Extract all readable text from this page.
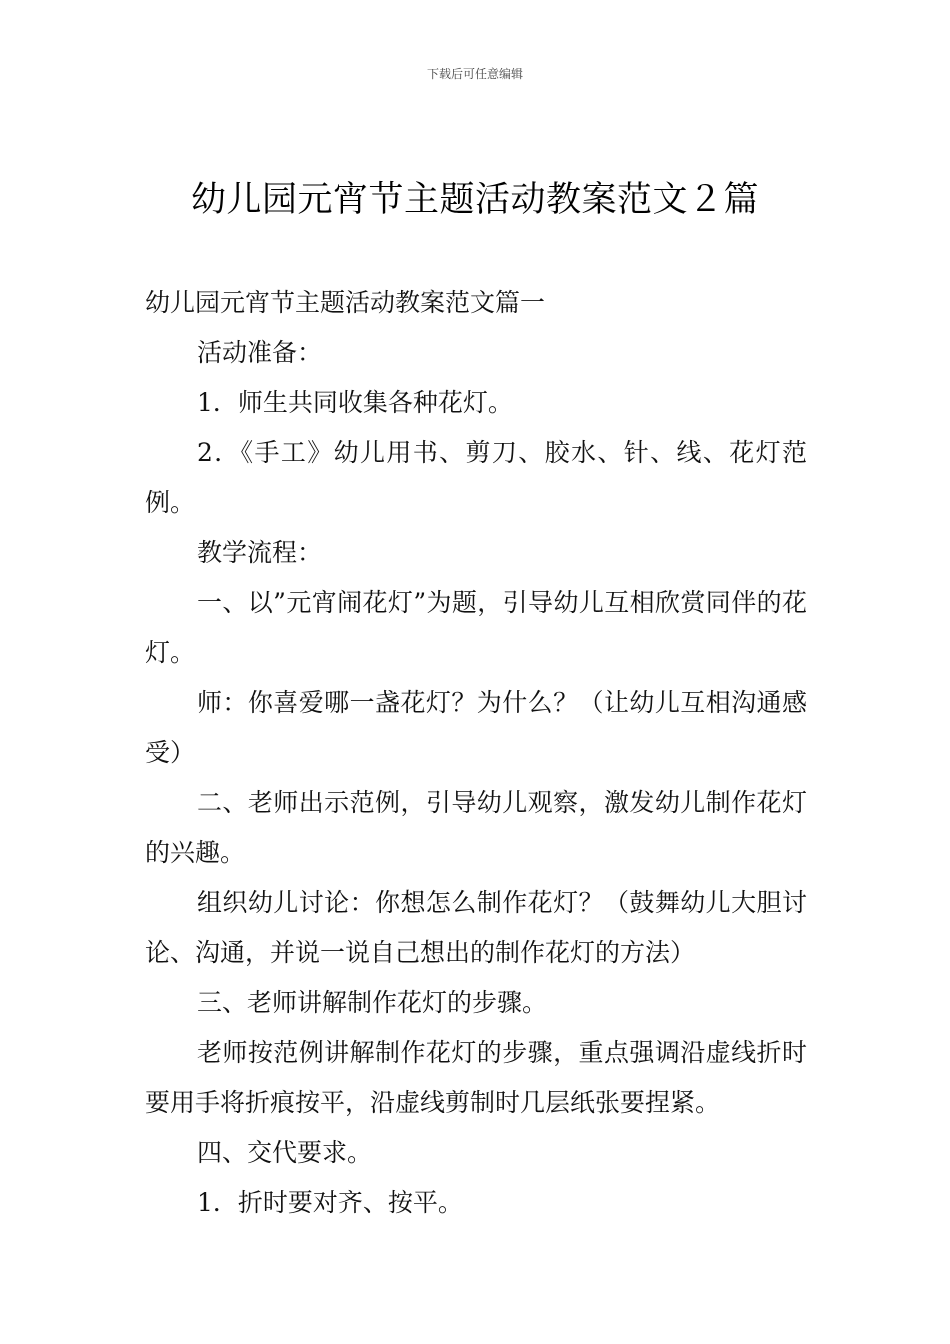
下载后可任意编辑
幼儿园元宵节主题活动教案范文２篇

幼儿园元宵节主题活动教案范文篇一

活动准备：

1．师生共同收集各种花灯。

2．《手工》幼儿用书、剪刀、胶水、针、线、花灯范例。

教学流程：

一、以”元宵闹花灯”为题，引导幼儿互相欣赏同伴的花灯。

师：你喜爱哪一盏花灯？为什么？（让幼儿互相沟通感受）

二、老师出示范例，引导幼儿观察，激发幼儿制作花灯的兴趣。

组织幼儿讨论：你想怎么制作花灯？（鼓舞幼儿大胆讨论、沟通，并说一说自己想出的制作花灯的方法）

三、老师讲解制作花灯的步骤。

老师按范例讲解制作花灯的步骤，重点强调沿虚线折时要用手将折痕按平，沿虚线剪制时几层纸张要捏紧。

四、交代要求。

1．折时要对齐、按平。
